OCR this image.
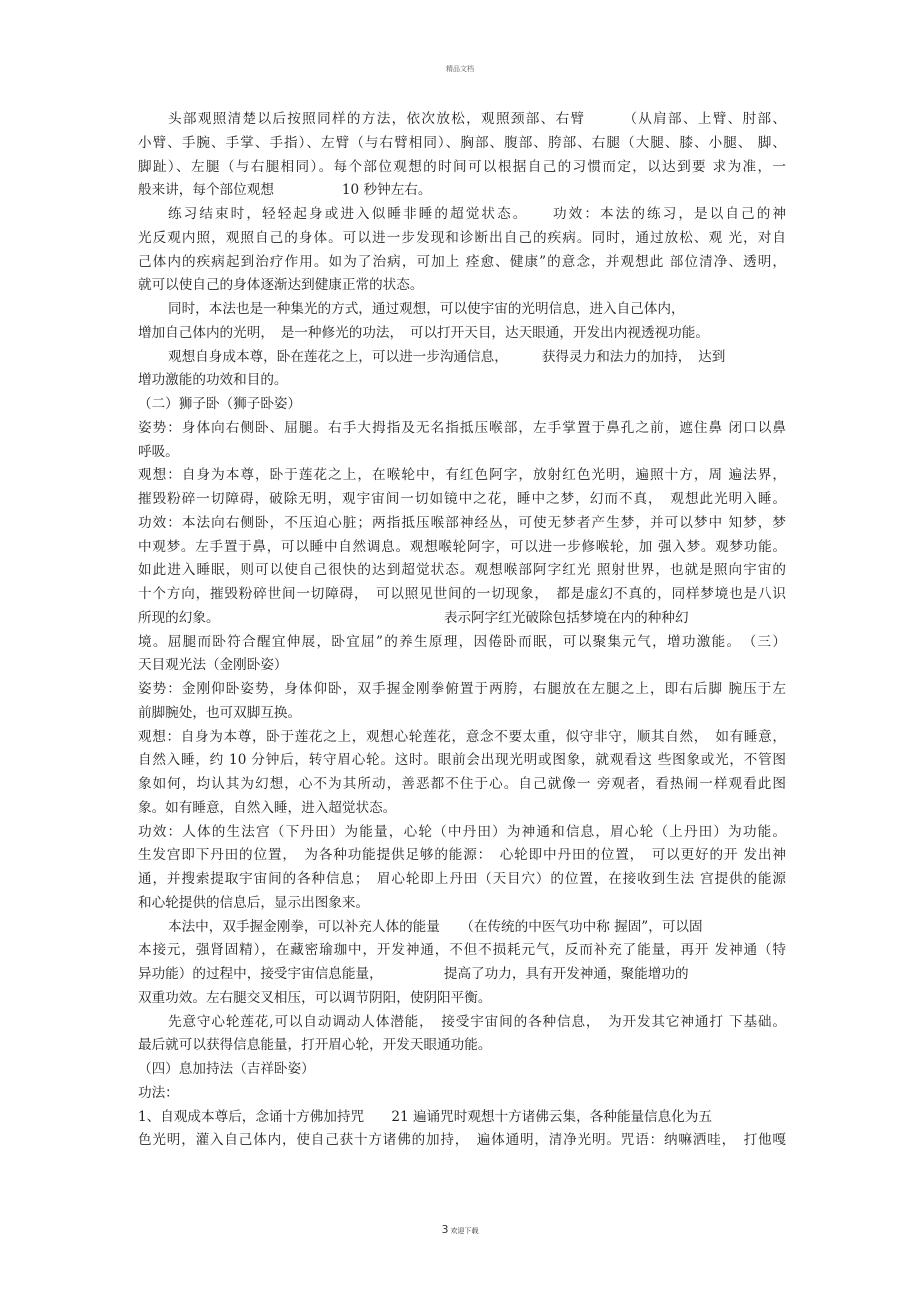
精品文档
头部观照清楚以后按照同样的方法，依次放松，观照颈部、右臂　　　（从肩部、上臂、肘部、
小臂、手腕、手掌、手指）、左臂（与右臂相同）、胸部、腹部、胯部、右腿（大腿、膝、小腿、 脚、
脚趾）、左腿（与右腿相同）。每个部位观想的时间可以根据自己的习惯而定，以达到要 求为准，一
般来讲，每个部位观想　　　　　10 秒钟左右。
练习结束时，轻轻起身或进入似睡非睡的超觉状态。　　功效：本法的练习，是以自己的神
光反观内照，观照自己的身体。可以进一步发现和诊断出自己的疾病。同时，通过放松、观 光，对自
己体内的疾病起到治疗作用。如为了治病，可加上 痊愈、健康”的意念，并观想此 部位清净、透明，
就可以使自己的身体逐渐达到健康正常的状态。
同时，本法也是一种集光的方式，通过观想，可以使宇宙的光明信息，进入自己体内，
增加自己体内的光明，　是一种修光的功法，　可以打开天目，达天眼通，开发出内视透视功能。
观想自身成本尊，卧在莲花之上，可以进一步沟通信息，　　　获得灵力和法力的加持，　达到
增功激能的功效和目的。
（二）狮子卧（狮子卧姿）
姿势：身体向右侧卧、屈腿。右手大拇指及无名指抵压喉部，左手掌置于鼻孔之前，遮住鼻 闭口以鼻
呼吸。
观想：自身为本尊，卧于莲花之上，在喉轮中，有红色阿字，放射红色光明，遍照十方，周 遍法界，
摧毁粉碎一切障碍，破除无明，观宇宙间一切如镜中之花，睡中之梦，幻而不真，　观想此光明入睡。
功效：本法向右侧卧，不压迫心脏；两指抵压喉部神经丛，可使无梦者产生梦，并可以梦中 知梦，梦
中观梦。左手置于鼻，可以睡中自然调息。观想喉轮阿字，可以进一步修喉轮，加 强入梦。观梦功能。
如此进入睡眠，则可以使自己很快的达到超觉状态。观想喉部阿字红光 照射世界，也就是照向宇宙的
十个方向，摧毁粉碎世间一切障碍，　可以照见世间的一切现象，　都是虚幻不真的，同样梦境也是八识
所现的幻象。　　　　　　　　　　　　　　　　　表示阿字红光破除包括梦境在内的种种幻
境。屈腿而卧符合醒宜伸展，卧宜屈”的养生原理，因倦卧而眠，可以聚集元气，增功激能。　（三）
天目观光法（金刚卧姿）
姿势：金刚仰卧姿势，身体仰卧，双手握金刚拳俯置于两胯，右腿放在左腿之上，即右后脚 腕压于左
前脚腕处，也可双脚互换。
观想：自身为本尊，卧于莲花之上，观想心轮莲花，意念不要太重，似守非守，顺其自然，　如有睡意，
自然入睡，约 10 分钟后，转守眉心轮。这时。眼前会出现光明或图象，就观看这 些图象或光，不管图
象如何，均认其为幻想，心不为其所动，善恶都不住于心。自己就像一 旁观者，看热闹一样观看此图
象。如有睡意，自然入睡，进入超觉状态。
功效：人体的生法宫（下丹田）为能量，心轮（中丹田）为神通和信息，眉心轮（上丹田）为功能。
生发宫即下丹田的位置，　为各种功能提供足够的能源：　心轮即中丹田的位置，　可以更好的开 发出神
通，并搜索提取宇宙间的各种信息；　眉心轮即上丹田（天目穴）的位置，在接收到生法 宫提供的能源
和心轮提供的信息后，显示出图象来。
本法中，双手握金刚拳，可以补充人体的能量　　（在传统的中医气功中称 握固”，可以固
本接元，强肾固精），在藏密瑜珈中，开发神通，不但不损耗元气，反而补充了能量，再开 发神通（特
异功能）的过程中，接受宇宙信息能量，　　　　　提高了功力，具有开发神通，聚能增功的
双重功效。左右腿交叉相压，可以调节阴阳，使阴阳平衡。
先意守心轮莲花,可以自动调动人体潜能，　接受宇宙间的各种信息，　为开发其它神通打 下基础。
最后就可以获得信息能量，打开眉心轮，开发天眼通功能。
（四）息加持法（吉祥卧姿）
功法：
1、自观成本尊后，念诵十方佛加持咒　　21 遍诵咒时观想十方诸佛云集，各种能量信息化为五
色光明，灌入自己体内，使自己获十方诸佛的加持，　遍体通明，清净光明。咒语：纳嘛洒哇，　打他嘎
3 欢迎下载
